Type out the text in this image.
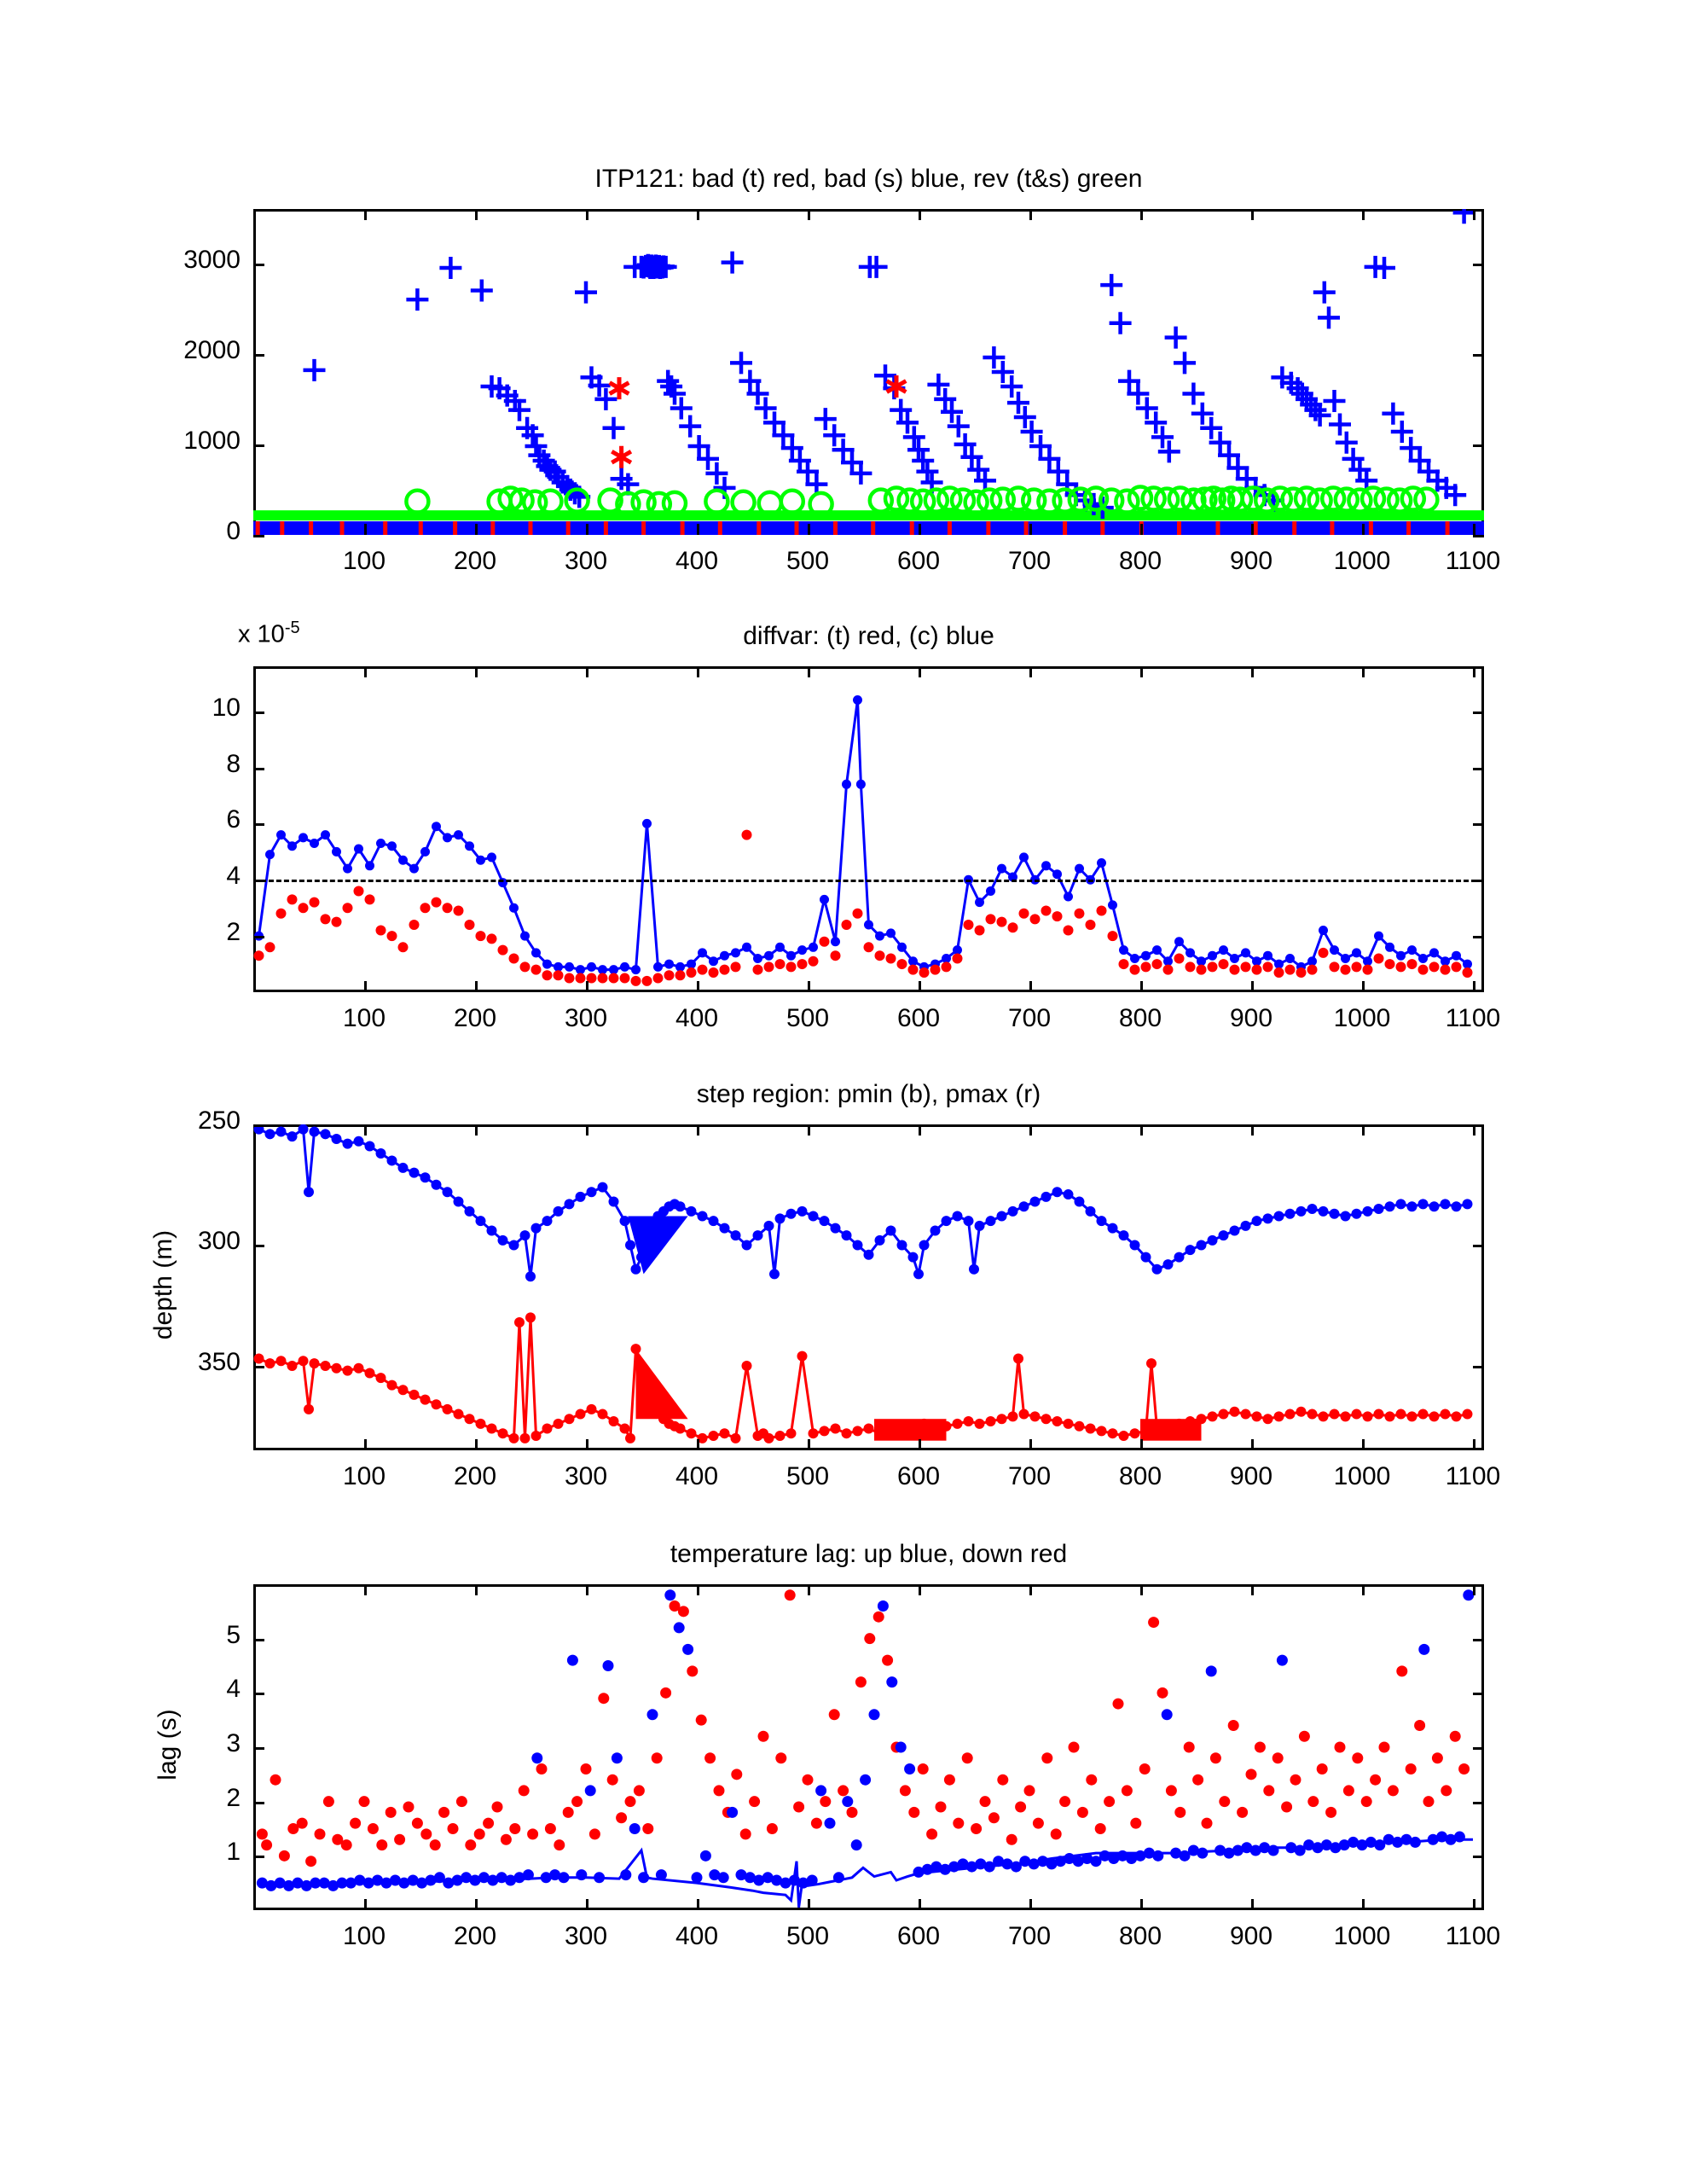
ITP121: bad (t) red, bad (s) blue, rev (t&s) green
100	200	300	400	500	600	700	800	900	1000	1100
0
1000
2000
3000
diffvar: (t) red, (c) blue
x $10^{-5}$
100	200	300	400	500	600	700	800	900	1000	1100
2
4
6
8
10
step region: pmin (b), pmax (r)
depth (m)
100	200	300	400	500	600	700	800	900	1000	1100
250
300
350
temperature lag: up blue, down red
lag (s)
100	200	300	400	500	600	700	800	900	1000	1100
1
2
3
4
5
